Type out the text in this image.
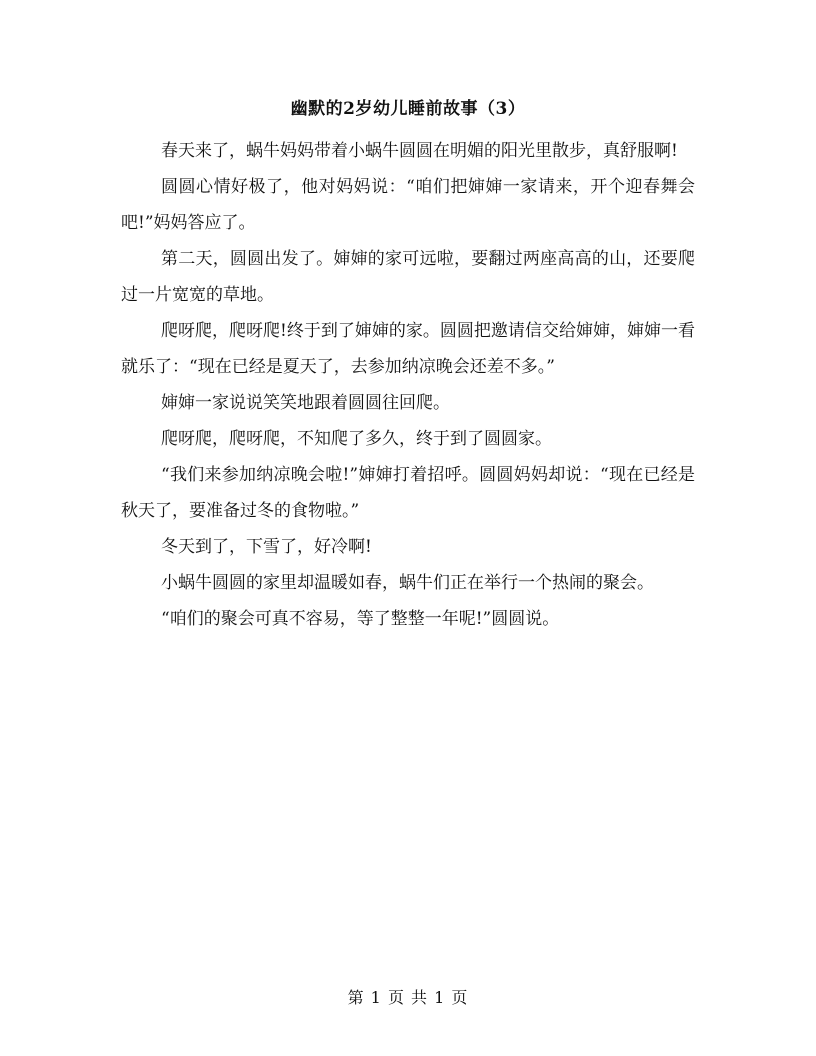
幽默的2岁幼儿睡前故事（3）

春天来了，蜗牛妈妈带着小蜗牛圆圆在明媚的阳光里散步，真舒服啊!

圆圆心情好极了，他对妈妈说：“咱们把婶婶一家请来，开个迎春舞会吧!”妈妈答应了。

第二天，圆圆出发了。婶婶的家可远啦，要翻过两座高高的山，还要爬过一片宽宽的草地。

爬呀爬，爬呀爬!终于到了婶婶的家。圆圆把邀请信交给婶婶，婶婶一看就乐了：“现在已经是夏天了，去参加纳凉晚会还差不多。”

婶婶一家说说笑笑地跟着圆圆往回爬。

爬呀爬，爬呀爬，不知爬了多久，终于到了圆圆家。

“我们来参加纳凉晚会啦!”婶婶打着招呼。圆圆妈妈却说：“现在已经是秋天了，要准备过冬的食物啦。”

冬天到了，下雪了，好冷啊!

小蜗牛圆圆的家里却温暖如春，蜗牛们正在举行一个热闹的聚会。

“咱们的聚会可真不容易，等了整整一年呢!”圆圆说。

第 1 页 共 1 页
